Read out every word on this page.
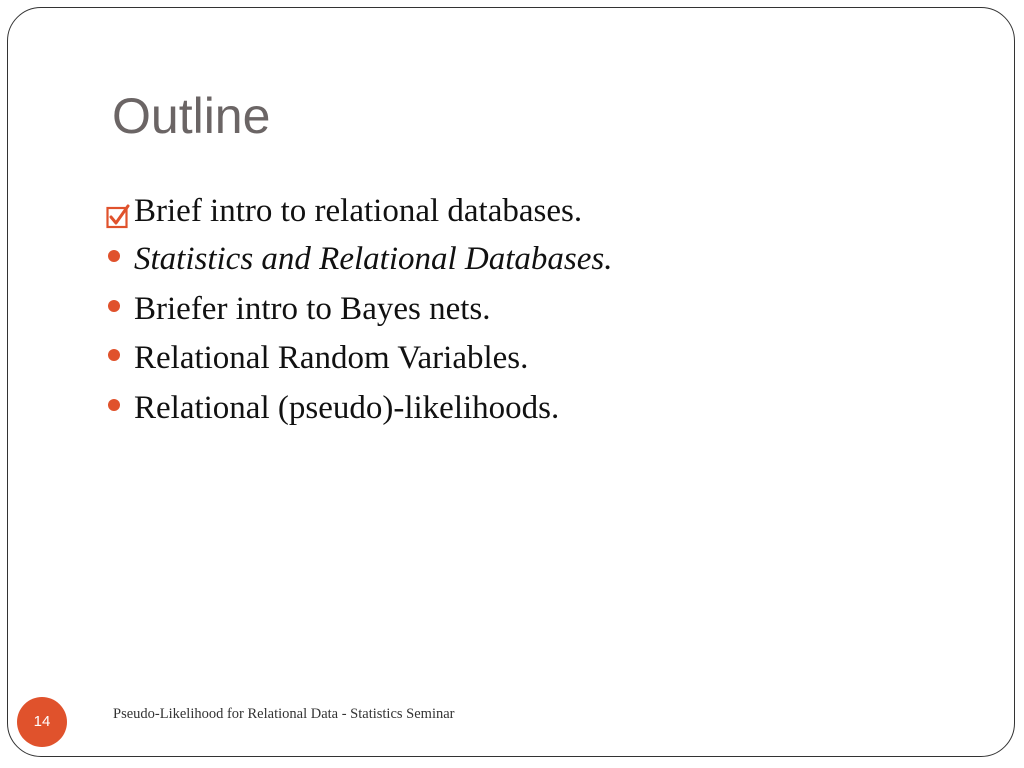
Outline
Brief intro to relational databases.
Statistics and Relational Databases.
Briefer intro to Bayes nets.
Relational Random Variables.
Relational (pseudo)-likelihoods.
14	Pseudo-Likelihood for Relational Data - Statistics Seminar
